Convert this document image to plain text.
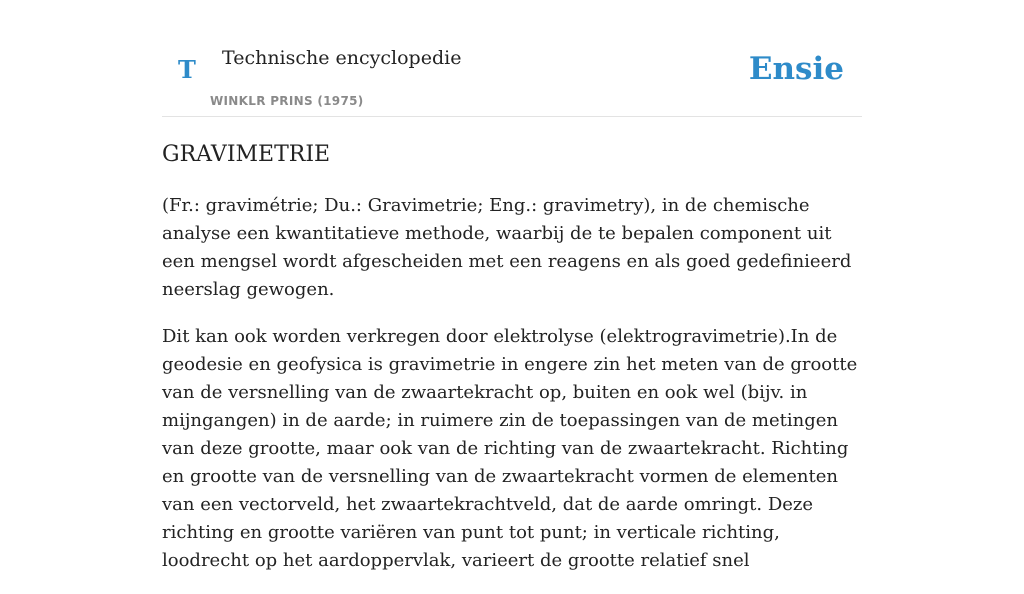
T Technische encyclopedie
WINKLR PRINS (1975)
Ensie
GRAVIMETRIE

(Fr.: gravimétrie; Du.: Gravimetrie; Eng.: gravimetry), in de chemische analyse een kwantitatieve methode, waarbij de te bepalen component uit een mengsel wordt afgescheiden met een reagens en als goed gedefinieerd neerslag gewogen.

Dit kan ook worden verkregen door elektrolyse (elektrogravimetrie).In de geodesie en geofysica is gravimetrie in engere zin het meten van de grootte van de versnelling van de zwaartekracht op, buiten en ook wel (bijv. in mijngangen) in de aarde; in ruimere zin de toepassingen van de metingen van deze grootte, maar ook van de richting van de zwaartekracht. Richting en grootte van de versnelling van de zwaartekracht vormen de elementen van een vectorveld, het zwaartekrachtveld, dat de aarde omringt. Deze richting en grootte variëren van punt tot punt; in verticale richting, loodrecht op het aardoppervlak, varieert de grootte relatief snel
